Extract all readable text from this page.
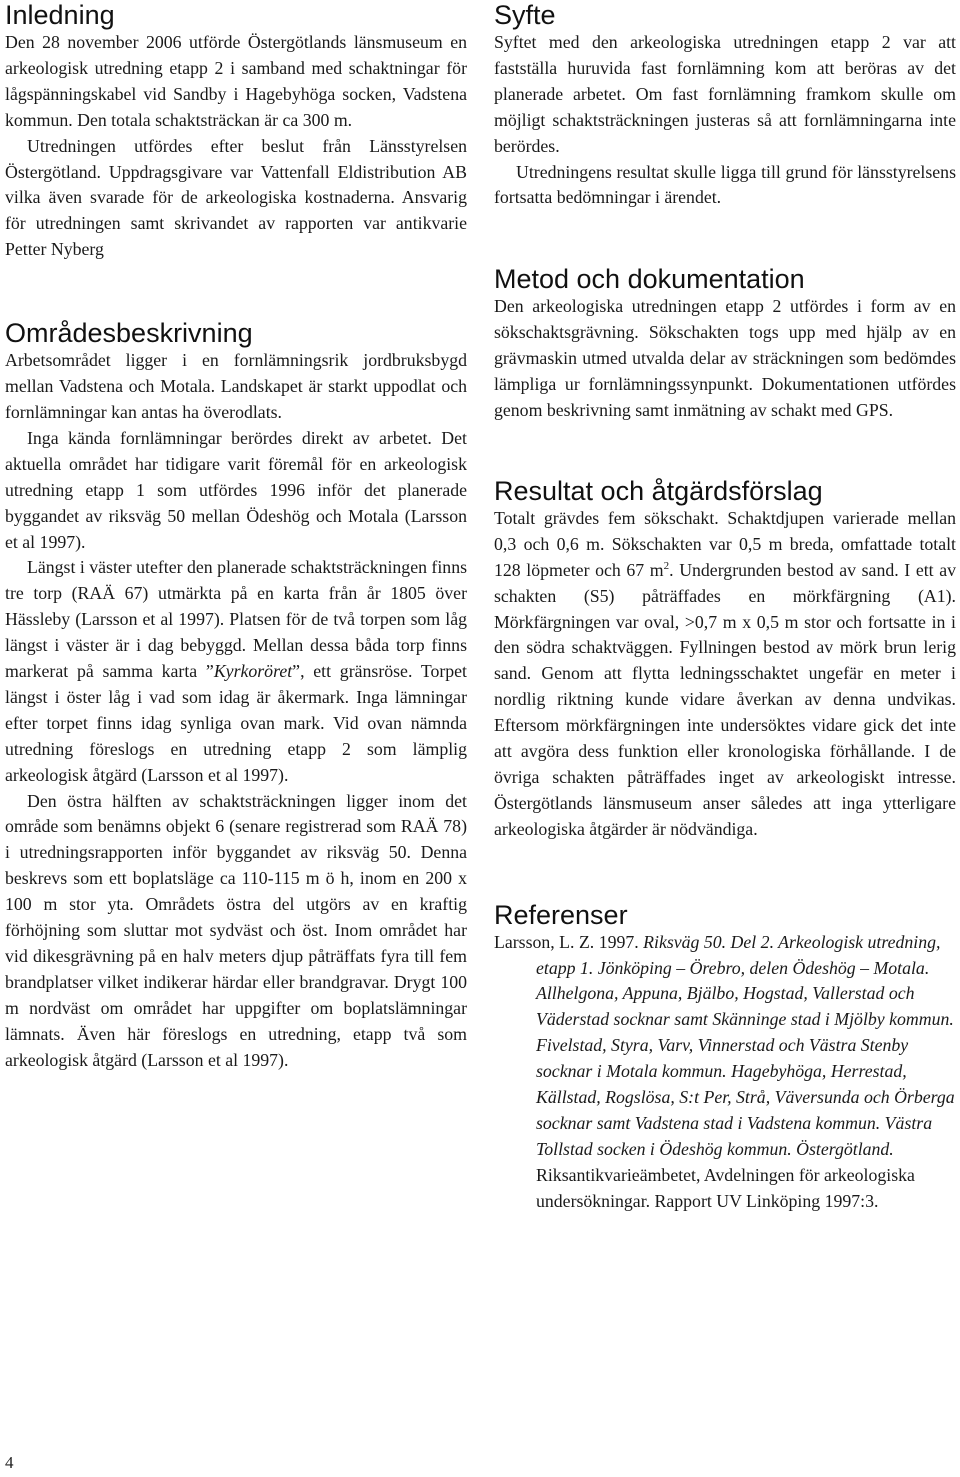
Inledning

Den 28 november 2006 utförde Östergötlands länsmuseum en arkeologisk utredning etapp 2 i samband med schaktningar för lågspänningskabel vid Sandby i Hagebyhöga socken, Vadstena kommun. Den totala schaktsträckan är ca 300 m.

Utredningen utfördes efter beslut från Länsstyrelsen Östergötland. Uppdragsgivare var Vattenfall Eldistribution AB vilka även svarade för de arkeologiska kostnaderna. Ansvarig för utredningen samt skrivandet av rapporten var antikvarie Petter Nyberg

Områdesbeskrivning

Arbetsområdet ligger i en fornlämningsrik jordbruksbygd mellan Vadstena och Motala. Landskapet är starkt uppodlat och fornlämningar kan antas ha överodlats.

Inga kända fornlämningar berördes direkt av arbetet. Det aktuella området har tidigare varit föremål för en arkeologisk utredning etapp 1 som utfördes 1996 inför det planerade byggandet av riksväg 50 mellan Ödeshög och Motala (Larsson et al 1997).

Längst i väster utefter den planerade schaktsträckningen finns tre torp (RAÄ 67) utmärkta på en karta från år 1805 över Hässleby (Larsson et al 1997). Platsen för de två torpen som låg längst i väster är i dag bebyggd. Mellan dessa båda torp finns markerat på samma karta ”Kyrkoröret”, ett gränsröse. Torpet längst i öster låg i vad som idag är åkermark. Inga lämningar efter torpet finns idag synliga ovan mark. Vid ovan nämnda utredning föreslogs en utredning etapp 2 som lämplig arkeologisk åtgärd (Larsson et al 1997).

Den östra hälften av schaktsträckningen ligger inom det område som benämns objekt 6 (senare registrerad som RAÄ 78) i utredningsrapporten inför byggandet av riksväg 50. Denna beskrevs som ett boplatsläge ca 110-115 m ö h, inom en 200 x 100 m stor yta. Områdets östra del utgörs av en kraftig förhöjning som sluttar mot sydväst och öst. Inom området har vid dikesgrävning på en halv meters djup påträffats fyra till fem brandplatser vilket indikerar härdar eller brandgravar. Drygt 100 m nordväst om området har uppgifter om boplatslämningar lämnats. Även här föreslogs en utredning, etapp två som arkeologisk åtgärd (Larsson et al 1997).

Syfte

Syftet med den arkeologiska utredningen etapp 2 var att fastställa huruvida fast fornlämning kom att beröras av det planerade arbetet. Om fast fornlämning framkom skulle om möjligt schaktsträckningen justeras så att fornlämningarna inte berördes.

Utredningens resultat skulle ligga till grund för länsstyrelsens fortsatta bedömningar i ärendet.

Metod och dokumentation

Den arkeologiska utredningen etapp 2 utfördes i form av en sökschaktsgrävning. Sökschakten togs upp med hjälp av en grävmaskin utmed utvalda delar av sträckningen som bedömdes lämpliga ur fornlämningssynpunkt. Dokumentationen utfördes genom beskrivning samt inmätning av schakt med GPS.

Resultat och åtgärdsförslag

Totalt grävdes fem sökschakt. Schaktdjupen varierade mellan 0,3 och 0,6 m. Sökschakten var 0,5 m breda, omfattade totalt 128 löpmeter och 67 $m^2$. Undergrunden bestod av sand. I ett av schakten (S5) påträffades en mörkfärgning (A1). Mörkfärgningen var oval, >0,7 m x 0,5 m stor och fortsatte in i den södra schaktväggen. Fyllningen bestod av mörk brun lerig sand. Genom att flytta ledningsschaktet ungefär en meter i nordlig riktning kunde vidare åverkan av denna undvikas. Eftersom mörkfärgningen inte undersöktes vidare gick det inte att avgöra dess funktion eller kronologiska förhållande. I de övriga schakten påträffades inget av arkeologiskt intresse. Östergötlands länsmuseum anser således att inga ytterligare arkeologiska åtgärder är nödvändiga.

Referenser

Larsson, L. Z. 1997. Riksväg 50. Del 2. Arkeologisk utredning, etapp 1. Jönköping – Örebro, delen Ödeshög – Motala. Allhelgona, Appuna, Bjälbo, Hogstad, Vallerstad och Väderstad socknar samt Skänninge stad i Mjölby kommun. Fivelstad, Styra, Varv, Vinnerstad och Västra Stenby socknar i Motala kommun. Hagebyhöga, Herrestad, Källstad, Rogslösa, S:t Per, Strå, Väversunda och Örberga socknar samt Vadstena stad i Vadstena kommun. Västra Tollstad socken i Ödeshög kommun. Östergötland. Riksantikvarieämbetet, Avdelningen för arkeologiska undersökningar. Rapport UV Linköping 1997:3.

4
